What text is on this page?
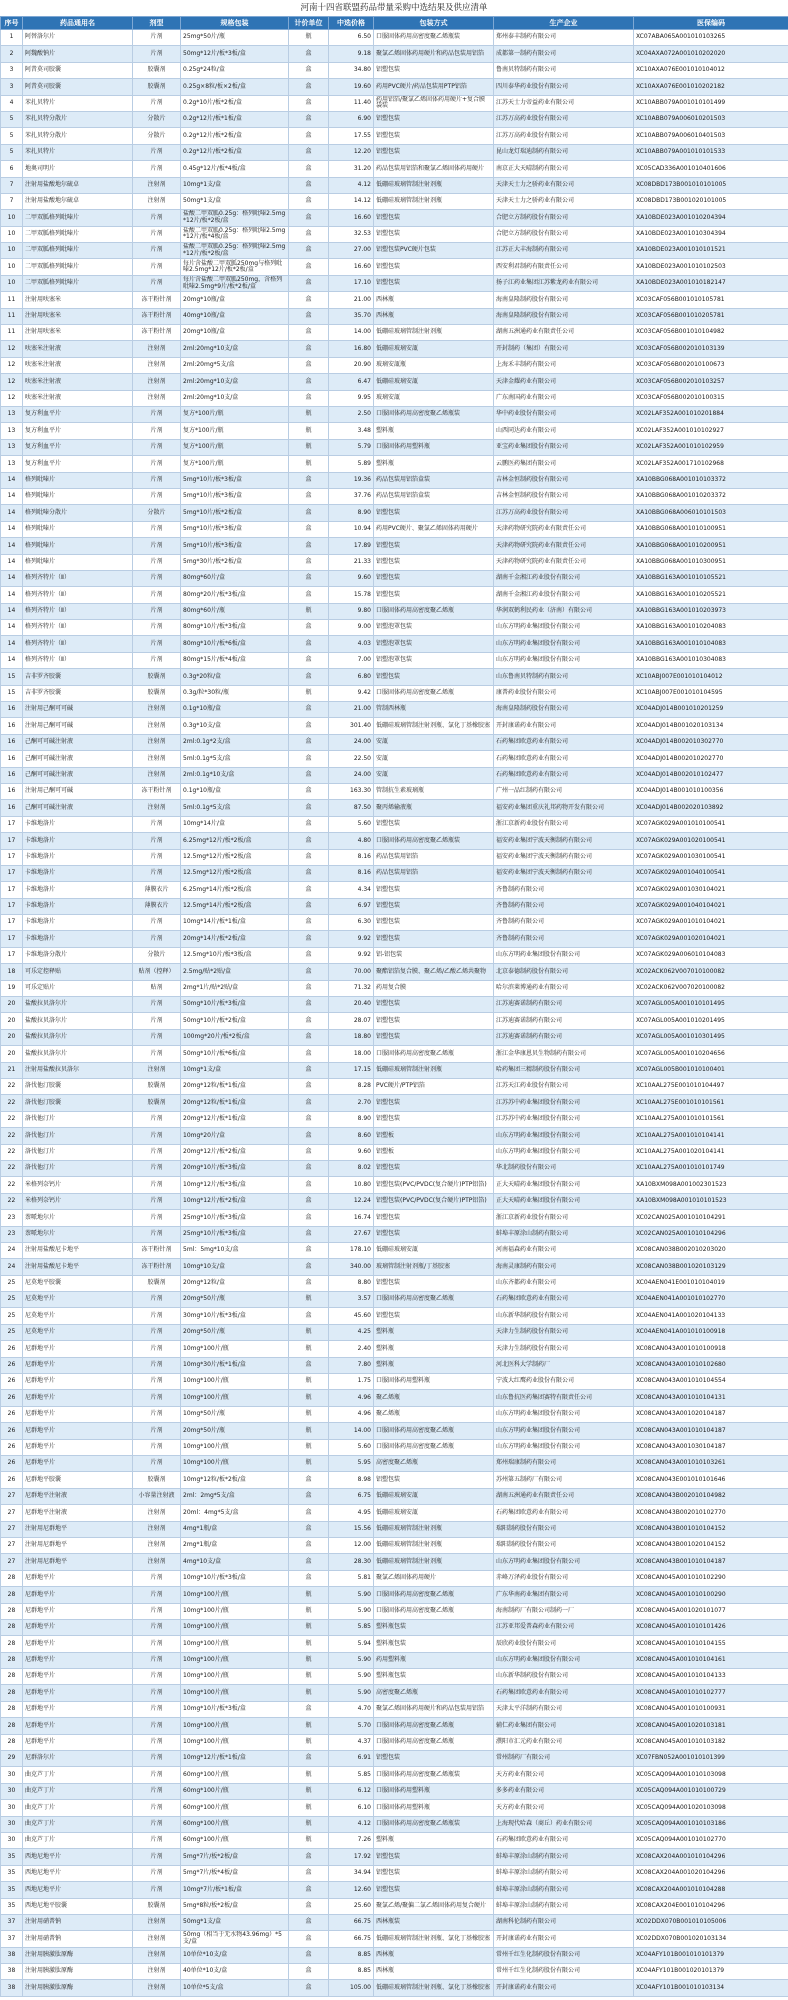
河南十四省联盟药品带量采购中选结果及供应清单
序号	药品通用名	剂型	规格包装	计价单位	中选价格	包装方式	生产企业	医保编码
1	阿替洛尔片	片剂	25mg*50片/瓶	瓶	6.50	口服固体药用高密度聚乙烯瓶装	郑州泰丰制药有限公司	XC07ABA065A001010103265
2	阿魏酸钠片	片剂	50mg*12片/板*3板/盒	盒	9.18	聚氯乙烯固体药用硬片和药品包装用铝箔	成都第一制药有限公司	XC04AXA072A001010202020
3	阿昔莫司胶囊	胶囊剂	0.25g*24粒/盒	盒	34.80	铝塑包装	鲁南贝特制药有限公司	XC10AXA076E001010104012
3	阿昔莫司胶囊	胶囊剂	0.25g×8粒/板×2板/盒	盒	19.60	药用PVC硬片/药品包装用PTP铝箔	四川泰华药业股份有限公司	XC10AXA076E001010202182
4	苯扎贝特片	片剂	0.2g*10片/板*2板/盒	盒	11.40	药用铝箔/聚氯乙烯固体药用硬片+复合膜袋装	江苏天士力帝益药业有限公司	XC10ABB079A001010101499
5	苯扎贝特分散片	分散片	0.2g*12片/板*1板/盒	盒	6.90	铝塑包装	江苏万高药业股份有限公司	XC10ABB079A006010201503
5	苯扎贝特分散片	分散片	0.2g*12片/板*2板/盒	盒	17.55	铝塑包装	江苏万高药业股份有限公司	XC10ABB079A006010401503
5	苯扎贝特片	片剂	0.2g*12片/板*2板/盒	盒	12.20	铝塑包装	昆山龙灯瑞迪制药有限公司	XC10ABB079A001010101533
6	地奥司明片	片剂	0.45g*12片/板*4板/盒	盒	31.20	药品包装用铝箔和聚氯乙烯固体药用硬片	南京正大天晴制药有限公司	XC05CAD336A001010401606
7	注射用盐酸地尔硫卓	注射剂	10mg*1支/盒	盒	4.12	低硼硅玻璃管制注射剂瓶	天津天士力之骄药业有限公司	XC08DBD173B001010101005
7	注射用盐酸地尔硫卓	注射剂	50mg*1支/盒	盒	14.12	低硼硅玻璃管制注射剂瓶	天津天士力之骄药业有限公司	XC08DBD173B001020101005
10	二甲双胍格列吡嗪片	片剂	盐酸二甲双胍0.25g：格列吡嗪2.5mg*12片/板*2板/盒	盒	16.60	铝塑包装	合肥立方制药股份有限公司	XA10BDE023A001010204394
10	二甲双胍格列吡嗪片	片剂	盐酸二甲双胍0.25g：格列吡嗪2.5mg*12片/板*4板/盒	盒	32.53	铝塑包装	合肥立方制药股份有限公司	XA10BDE023A001010304394
10	二甲双胍格列吡嗪片	片剂	盐酸二甲双胍0.25g：格列吡嗪2.5mg*12片/板*2板/盒	盒	27.00	铝塑包装PVC硬片包装	江苏正大丰海制药有限公司	XA10BDE023A001010101521
10	二甲双胍格列吡嗪片	片剂	每片含盐酸二甲双胍250mg与格列吡嗪2.5mg*12片/板*2板/盒	盒	16.60	铝塑包装	西安利君制药有限责任公司	XA10BDE023A001010102503
10	二甲双胍格列吡嗪片	片剂	每片含盐酸二甲双胍250mg，含格列吡嗪2.5mg*9片/板*2板/盒	盒	17.10	铝塑包装	扬子江药业集团江苏紫龙药业有限公司	XA10BDE023A001010182147
11	注射用呋塞米	冻干粉针剂	20mg*10瓶/盒	盒	21.00	西林瓶	海南皇隆制药股份有限公司	XC03CAF056B001010105781
11	注射用呋塞米	冻干粉针剂	40mg*10瓶/盒	盒	35.70	西林瓶	海南皇隆制药股份有限公司	XC03CAF056B001010205781
11	注射用呋塞米	冻干粉针剂	20mg*10瓶/盒	盒	14.00	低硼硅玻璃管制注射剂瓶	湖南五洲通药业有限责任公司	XC03CAF056B001010104982
12	呋塞米注射液	注射剂	2ml:20mg*10支/盒	盒	16.80	低硼硅玻璃安瓿	开封制药（集团）有限公司	XC03CAF056B002010103139
12	呋塞米注射液	注射剂	2ml:20mg*5支/盒	盒	20.90	玻璃安瓿瓶	上海禾丰制药有限公司	XC03CAF056B002010100673
12	呋塞米注射液	注射剂	2ml:20mg*10支/盒	盒	6.47	低硼硅玻璃安瓿	天津金耀药业有限公司	XC03CAF056B002010103257
12	呋塞米注射液	注射剂	2ml:20mg*10支/盒	盒	9.95	玻璃安瓿	广东南国药业有限公司	XC03CAF056B002010100315
13	复方利血平片	片剂	复方*100片/瓶	瓶	2.50	口服固体药用高密度聚乙烯瓶装	华中药业股份有限公司	XC02LAF352A001010201884
13	复方利血平片	片剂	复方*100片/瓶	瓶	3.48	塑料瓶	山西同达药业有限公司	XC02LAF352A001010102927
13	复方利血平片	片剂	复方*100片/瓶	瓶	5.79	口服固体药用塑料瓶	亚宝药业集团股份有限公司	XC02LAF352A001010102959
13	复方利血平片	片剂	复方*100片/瓶	瓶	5.89	塑料瓶	云鹏医药集团有限公司	XC02LAF352A001710102968
14	格列吡嗪片	片剂	5mg*10片/板*3板/盒	盒	19.36	药品包装用铝箔盒装	吉林金恒制药股份有限公司	XA10BBG068A001010103372
14	格列吡嗪片	片剂	5mg*10片/板*3板/盒	盒	37.76	药品包装用铝箔盒装	吉林金恒制药股份有限公司	XA10BBG068A001010203372
14	格列吡嗪分散片	分散片	5mg*10片/板*2板/盒	盒	8.90	铝塑包装	江苏万高药业股份有限公司	XA10BBG068A006010101503
14	格列吡嗪片	片剂	5mg*10片/板*3板/盒	盒	10.94	药用PVC硬片、聚氯乙烯固体药用硬片	天津药物研究院药业有限责任公司	XA10BBG068A001010100951
14	格列吡嗪片	片剂	5mg*10片/板*3板/盒	盒	17.89	铝塑包装	天津药物研究院药业有限责任公司	XA10BBG068A001010200951
14	格列吡嗪片	片剂	5mg*30片/板*2板/盒	盒	21.33	铝塑包装	天津药物研究院药业有限责任公司	XA10BBG068A001010300951
14	格列齐特片（Ⅱ）	片剂	80mg*60片/盒	盒	9.60	铝塑包装	湖南千金湘江药业股份有限公司	XA10BBG163A001010105521
14	格列齐特片（Ⅱ）	片剂	80mg*20片/板*3板/盒	盒	15.78	铝塑包装	湖南千金湘江药业股份有限公司	XA10BBG163A001010205521
14	格列齐特片（Ⅱ）	片剂	80mg*60片/瓶	瓶	9.80	口服固体药用高密度聚乙烯瓶	华润双鹤利民药业（济南）有限公司	XA10BBG163A001010203973
14	格列齐特片（Ⅱ）	片剂	80mg*10片/板*3板/盒	盒	9.00	铝塑泡罩包装	山东方明药业集团股份有限公司	XA10BBG163A001010204083
14	格列齐特片（Ⅱ）	片剂	80mg*10片/板*6板/盒	盒	4.03	铝塑泡罩包装	山东方明药业集团股份有限公司	XA10BBG163A001010104083
14	格列齐特片（Ⅱ）	片剂	80mg*15片/板*4板/盒	盒	7.00	铝塑泡罩包装	山东方明药业集团股份有限公司	XA10BBG163A001010304083
15	吉非罗齐胶囊	胶囊剂	0.3g*20粒/盒	盒	6.80	铝塑包装	山东鲁南贝特制药有限公司	XC10ABJ007E001010104012
15	吉非罗齐胶囊	胶囊剂	0.3g/粒*30粒/瓶	瓶	9.42	口服固体药用高密度聚乙烯瓶	康普药业股份有限公司	XC10ABJ007E001010104595
16	注射用己酮可可碱	注射剂	0.1g*10瓶/盒	盒	21.00	管制西林瓶	海南皇隆制药股份有限公司	XC04ADJ014B001010201259
16	注射用己酮可可碱	注射剂	0.3g*10支/盒	盒	301.40	低硼硅玻璃管制注射剂瓶、氯化丁基橡胶塞	开封康诺药业有限公司	XC04ADJ014B001020103134
16	己酮可可碱注射液	注射剂	2ml:0.1g*2支/盒	盒	24.00	安瓿	石药集团欧意药业有限公司	XC04ADJ014B002010302770
16	己酮可可碱注射液	注射剂	5ml:0.1g*5支/盒	盒	22.50	安瓿	石药集团欧意药业有限公司	XC04ADJ014B002010202770
16	己酮可可碱注射液	注射剂	2ml:0.1g*10支/盒	盒	24.00	安瓿	石药集团欧意药业有限公司	XC04ADJ014B002010102477
16	注射用己酮可可碱	冻干粉针剂	0.1g*10瓶/盒	盒	163.30	管制抗生素玻璃瓶	广州一品红制药有限公司	XC04ADJ014B001010100356
16	己酮可可碱注射液	注射剂	5ml:0.1g*5支/盒	盒	87.50	聚丙烯输液瓶	福安药业集团重庆礼邦药物开发有限公司	XC04ADJ014B002020103892
17	卡维地洛片	片剂	10mg*14片/盒	盒	5.60	铝塑包装	浙江京新药业股份有限公司	XC07AGK029A001010100541
17	卡维地洛片	片剂	6.25mg*12片/板*2板/盒	盒	4.80	口服固体药用高密度聚乙烯瓶装	福安药业集团宁波天衡制药有限公司	XC07AGK029A001020100541
17	卡维地洛片	片剂	12.5mg*12片/板*2板/盒	盒	8.16	药品包装用铝箔	福安药业集团宁波天衡制药有限公司	XC07AGK029A001030100541
17	卡维地洛片	片剂	12.5mg*12片/板*2板/盒	盒	8.16	药品包装用铝箔	福安药业集团宁波天衡制药有限公司	XC07AGK029A001040100541
17	卡维地洛片	薄膜衣片	6.25mg*14片/板*2板/盒	盒	4.34	铝塑包装	齐鲁制药有限公司	XC07AGK029A001030104021
17	卡维地洛片	薄膜衣片	12.5mg*14片/板*2板/盒	盒	6.97	铝塑包装	齐鲁制药有限公司	XC07AGK029A001040104021
17	卡维地洛片	片剂	10mg*14片/板*1板/盒	盒	6.30	铝塑包装	齐鲁制药有限公司	XC07AGK029A001010104021
17	卡维地洛片	片剂	20mg*14片/板*2板/盒	盒	9.92	铝塑包装	齐鲁制药有限公司	XC07AGK029A001020104021
17	卡维地洛分散片	分散片	12.5mg*10片/板*3板/盒	盒	9.92	铝-铝包装	山东方明药业集团股份有限公司	XC07AGK029A006010104083
18	可乐定控释贴	贴剂（控释）	2.5mg/贴*2贴/盒	盒	70.00	聚酯铝箔复合膜、聚乙烯/乙酸乙烯共聚物	北京泰德制药股份有限公司	XC02ACK062V007010100082
19	可乐定贴片	贴剂	2mg*1片/贴*2贴/盒	盒	71.32	药用复合膜	哈尔滨莱博通药业有限公司	XC02ACK062V007020100082
20	盐酸拉贝洛尔片	片剂	50mg*10片/板*3板/盒	盒	20.40	铝塑包装	江苏迪赛诺制药有限公司	XC07AGL005A001010101495
20	盐酸拉贝洛尔片	片剂	50mg*10片/板*2板/盒	盒	28.07	铝塑包装	江苏迪赛诺制药有限公司	XC07AGL005A001010201495
20	盐酸拉贝洛尔片	片剂	100mg*20片/板*2板/盒	盒	18.80	铝塑包装	江苏迪赛诺制药有限公司	XC07AGL005A001010301495
20	盐酸拉贝洛尔片	片剂	50mg*10片/板*6板/盒	盒	18.00	口服固体药用高密度聚乙烯瓶	浙江金华康恩贝生物制药有限公司	XC07AGL005A001010204656
21	注射用盐酸拉贝洛尔	注射剂	10mg*1支/盒	盒	17.15	低硼硅玻璃管制注射剂瓶	哈药集团三精制药股份有限公司	XC07AGL005B001010100401
22	洛伐他汀胶囊	胶囊剂	20mg*12粒/板*1板/盒	盒	8.28	PVC硬片/PTP铝箔	江苏天江药业股份有限公司	XC10AAL275E001010104497
22	洛伐他汀胶囊	胶囊剂	20mg*12粒/板*1板/盒	盒	2.70	铝塑包装	江苏苏中药业集团股份有限公司	XC10AAL275E001010101561
22	洛伐他汀片	片剂	20mg*12片/板*1板/盒	盒	8.90	铝塑包装	江苏苏中药业集团股份有限公司	XC10AAL275A001010101561
22	洛伐他汀片	片剂	10mg*20片/盒	盒	8.60	铝塑板	山东方明药业集团股份有限公司	XC10AAL275A001010104141
22	洛伐他汀片	片剂	20mg*12片/板*2板/盒	盒	9.60	铝塑板	山东方明药业集团股份有限公司	XC10AAL275A001020104141
22	洛伐他汀片	片剂	20mg*10片/板*3板/盒	盒	8.02	铝塑包装	华北制药股份有限公司	XC10AAL275A001010101749
22	米格列奈钙片	片剂	10mg*12片/板*3板/盒	盒	10.80	铝塑包装(PVC/PVDC(复合硬片)PTP铝箔)	正大天晴药业集团股份有限公司	XA10BXM098A001002301523
22	米格列奈钙片	片剂	10mg*12片/板*2板/盒	盒	12.24	铝塑包装(PVC/PVDC(复合硬片)PTP铝箔)	正大天晴药业集团股份有限公司	XA10BXM098A001010101523
23	萘哌地尔片	片剂	25mg*10片/板*3板/盒	盒	16.74	铝塑包装	浙江京新药业股份有限公司	XC02CAN025A001010104291
23	萘哌地尔片	片剂	25mg*10片/板*3板/盒	盒	27.67	铝塑包装	蚌埠丰原涂山制药有限公司	XC02CAN025A001010104296
24	注射用盐酸尼卡地平	冻干粉针剂	5ml：5mg*10支/盒	盒	178.10	低硼硅玻璃安瓿	河南福森药业有限公司	XC08CAN038B002010203020
24	注射用盐酸尼卡地平	冻干粉针剂	10mg*10支/盒	盒	340.00	玻璃管制注射剂瓶/丁基胶塞	海南灵康制药有限公司	XC08CAN038B001020103129
25	尼莫地平胶囊	胶囊剂	20mg*12粒/盒	盒	8.80	铝塑包装	山东齐都药业有限公司	XC04AEN041E001010104019
25	尼莫地平片	片剂	20mg*50片/瓶	瓶	3.57	口服固体药用高密度聚乙烯瓶	石药集团欧意药业有限公司	XC04AEN041A001010102770
25	尼莫地平片	片剂	30mg*10片/板*3板/盒	盒	45.60	铝塑包装	山东新华制药股份有限公司	XC04AEN041A001020104133
25	尼莫地平片	片剂	20mg*50片/瓶	瓶	4.25	塑料瓶	天津力生制药股份有限公司	XC04AEN041A001010100918
26	尼群地平片	片剂	10mg*100片/瓶	瓶	2.40	塑料瓶	天津力生制药股份有限公司	XC08CAN043A001010100918
26	尼群地平片	片剂	10mg*30片/板*1板/盒	盒	7.80	塑料瓶	河北医科大学制药厂	XC08CAN043A001010102680
26	尼群地平片	片剂	10mg*100片/瓶	瓶	1.75	口服固体药用塑料瓶	宁波大红鹰药业股份有限公司	XC08CAN043A001010104554
26	尼群地平片	片剂	10mg*100片/瓶	瓶	4.96	聚乙烯瓶	山东鲁抗医药集团赛特有限责任公司	XC08CAN043A001010104131
26	尼群地平片	片剂	10mg*50片/瓶	瓶	4.96	聚乙烯瓶	山东方明药业集团股份有限公司	XC08CAN043A001020104187
26	尼群地平片	片剂	20mg*50片/瓶	瓶	14.00	口服固体药用高密度聚乙烯瓶	山东方明药业集团股份有限公司	XC08CAN043A001010104187
26	尼群地平片	片剂	10mg*100片/瓶	瓶	5.60	口服固体药用高密度聚乙烯瓶	山东方明药业集团股份有限公司	XC08CAN043A001030104187
26	尼群地平片	片剂	10mg*100片/瓶	瓶	5.95	高密度聚乙烯瓶	郑州瑞康制药有限公司	XC08CAN043A001010103261
26	尼群地平胶囊	胶囊剂	10mg*12粒/板*2板/盒	盒	8.98	铝塑包装	苏州第五制药厂有限公司	XC08CAN043E001010101646
27	尼群地平注射液	小容量注射液	2ml：2mg*5支/盒	盒	6.75	低硼硅玻璃安瓿	湖南五洲通药业有限责任公司	XC08CAN043B002010104982
27	尼群地平注射液	注射剂	20ml：4mg*5支/盒	盒	4.95	低硼硅玻璃安瓿	石药集团欧意药业有限公司	XC08CAN043B002010102770
27	注射用尼群地平	注射剂	4mg*1瓶/盒	盒	15.56	低硼硅玻璃管制注射剂瓶	瑞阳制药股份有限公司	XC08CAN043B001010104152
27	注射用尼群地平	注射剂	2mg*1瓶/盒	盒	12.00	低硼硅玻璃管制注射剂瓶	瑞阳制药股份有限公司	XC08CAN043B001020104152
27	注射用尼群地平	注射剂	4mg*10支/盒	盒	28.30	低硼硅玻璃管制注射剂瓶	山东方明药业集团股份有限公司	XC08CAN043B001010104187
28	尼群地平片	片剂	10mg*10片/板*3板/盒	盒	5.81	聚氯乙烯固体药用硬片	赤峰万泽药业股份有限公司	XC08CAN045A001010102290
28	尼群地平片	片剂	10mg*100片/瓶	瓶	5.90	口服固体药用高密度聚乙烯瓶	广东华南药业集团有限公司	XC08CAN045A001010100290
28	尼群地平片	片剂	10mg*100片/瓶	瓶	5.90	口服固体药用高密度聚乙烯瓶	海南制药厂有限公司制药一厂	XC08CAN045A001020101077
28	尼群地平片	片剂	10mg*100片/瓶	瓶	5.85	塑料瓶包装	江苏亚邦爱普森药业有限公司	XC08CAN045A001010101426
28	尼群地平片	片剂	10mg*100片/瓶	瓶	5.94	塑料瓶包装	辰欣药业股份有限公司	XC08CAN045A001010104155
28	尼群地平片	片剂	10mg*100片/瓶	瓶	5.90	药用塑料瓶	山东方明药业集团股份有限公司	XC08CAN045A001010104161
28	尼群地平片	片剂	10mg*100片/瓶	瓶	5.90	塑料瓶包装	山东新华制药股份有限公司	XC08CAN045A001010104133
28	尼群地平片	片剂	10mg*100片/瓶	瓶	5.90	高密度聚乙烯瓶	石药集团欧意药业有限公司	XC08CAN045A001010102777
28	尼群地平片	片剂	10mg*10片/板*3板/盒	盒	4.70	聚氯乙烯固体药用硬片和药品包装用铝箔	天津太平洋制药有限公司	XC08CAN045A001010100931
28	尼群地平片	片剂	10mg*100片/瓶	瓶	5.70	口服固体药用高密度聚乙烯瓶	辅仁药业集团有限公司	XC08CAN045A001020103181
28	尼群地平片	片剂	10mg*100片/瓶	瓶	4.37	口服固体药用高密度聚乙烯瓶	濮阳市汇元药业有限公司	XC08CAN045A001010103182
29	尼群洛尔片	片剂	10mg*12片/板*1板/盒	盒	6.91	铝塑包装	常州制药厂有限公司	XC07FBN052A001010101399
30	曲克芦丁片	片剂	60mg*100片/瓶	瓶	5.85	口服固体药用高密度聚乙烯瓶装	天方药业有限公司	XC05CAQ094A001010103098
30	曲克芦丁片	片剂	60mg*100片/瓶	瓶	6.12	口服固体药用塑料瓶	多多药业有限公司	XC05CAQ094A001010100729
30	曲克芦丁片	片剂	60mg*100片/瓶	瓶	6.10	口服固体药用塑料瓶	天方药业有限公司	XC05CAQ094A001020103098
30	曲克芦丁片	片剂	60mg*100片/瓶	瓶	4.12	口服固体药用高密度聚乙烯瓶装	上海现代哈森（商丘）药业有限公司	XC05CAQ094A001010103186
30	曲克芦丁片	片剂	60mg*100片/瓶	瓶	7.26	塑料瓶	石药集团欧意药业有限公司	XC05CAQ094A001010102770
35	西地尼地平片	片剂	5mg*7片/板*2板/盒	盒	17.92	铝塑包装	蚌埠丰原涂山制药有限公司	XC08CAX204A001010104296
35	西地尼地平片	片剂	5mg*7片/板*4板/盒	盒	34.94	铝塑包装	蚌埠丰原涂山制药有限公司	XC08CAX204A001020104296
35	西地尼地平片	片剂	10mg*7片/板*1板/盒	盒	12.60	铝塑包装	蚌埠丰原涂山制药有限公司	XC08CAX204A001010104288
35	西地尼地平胶囊	胶囊剂	5mg*8粒/板*2板/盒	盒	25.60	聚氯乙烯/聚偏二氯乙烯固体药用复合硬片	蚌埠丰原涂山制药有限公司	XC08CAX204E001010104296
37	注射用硝普钠	注射剂	50mg*1支/盒	盒	66.75	西林瓶装	湖南科伦制药有限公司	XC02DDX070B001010105006
37	注射用硝普钠	注射剂	50mg（相当于无水物43.96mg）*5支/盒	盒	66.75	低硼硅玻璃管制注射剂瓶、氯化丁基橡胶塞	开封康诺药业有限公司	XC02DDX070B001020103134
38	注射用胰激肽原酶	注射剂	10单位*10支/盒	盒	8.85	西林瓶	常州千红生化制药股份有限公司	XC04AFY101B001010101379
38	注射用胰激肽原酶	注射剂	40单位*10支/盒	盒	8.85	西林瓶	常州千红生化制药股份有限公司	XC04AFY101B001020101379
38	注射用胰激肽原酶	注射剂	10单位*5支/盒	盒	105.00	低硼硅玻璃管制注射剂瓶、氯化丁基橡胶塞	开封康诺药业有限公司	XC04AFY101B001010103134
